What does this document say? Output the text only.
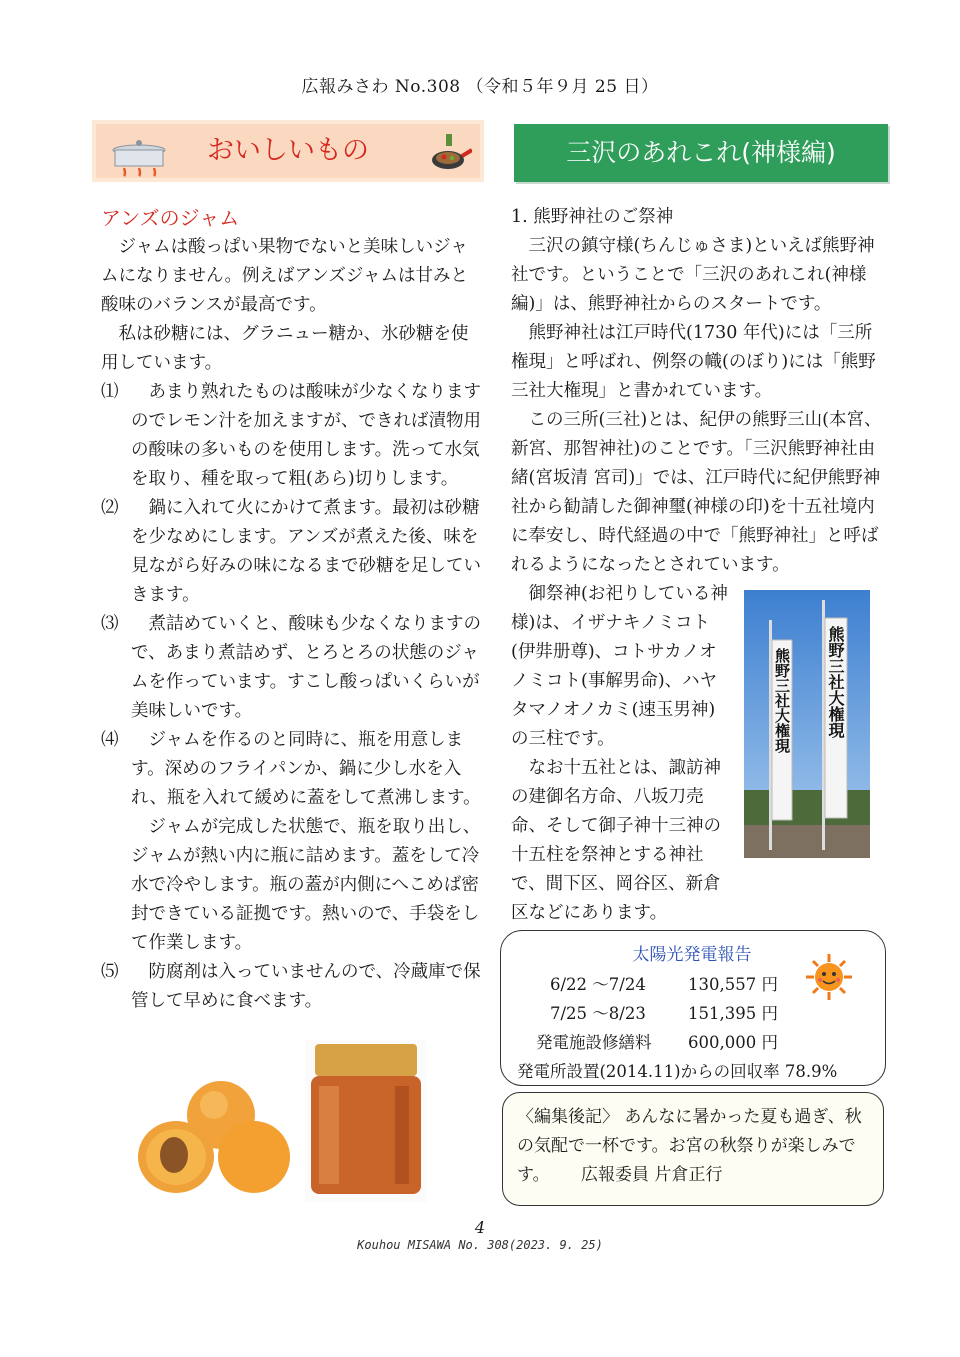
広報みさわ No.308 （令和５年９月 25 日）
おいしいもの	三沢のあれこれ(神様編)
アンズのジャム

ジャムは酸っぱい果物でないと美味しいジャムになりません。例えばアンズジャムは甘みと酸味のバランスが最高です。

私は砂糖には、グラニュー糖か、氷砂糖を使用しています。

⑴	あまり熟れたものは酸味が少なくなりますのでレモン汁を加えますが、できれば漬物用の酸味の多いものを使用します。洗って水気を取り、種を取って粗(あら)切りします。

⑵	鍋に入れて火にかけて煮ます。最初は砂糖を少なめにします。アンズが煮えた後、味を見ながら好みの味になるまで砂糖を足していきます。

⑶	煮詰めていくと、酸味も少なくなりますので、あまり煮詰めず、とろとろの状態のジャムを作っています。すこし酸っぱいくらいが美味しいです。

⑷	ジャムを作るのと同時に、瓶を用意します。深めのフライパンか、鍋に少し水を入れ、瓶を入れて緩めに蓋をして煮沸します。

ジャムが完成した状態で、瓶を取り出し、ジャムが熱い内に瓶に詰めます。蓋をして冷水で冷やします。瓶の蓋が内側にへこめば密封できている証拠です。熱いので、手袋をして作業します。

⑸	防腐剤は入っていませんので、冷蔵庫で保管して早めに食べます。

1. 熊野神社のご祭神

三沢の鎮守様(ちんじゅさま)といえば熊野神社です。ということで「三沢のあれこれ(神様編)」は、熊野神社からのスタートです。

熊野神社は江戸時代(1730 年代)には「三所権現」と呼ばれ、例祭の幟(のぼり)には「熊野三社大権現」と書かれています。

この三所(三社)とは、紀伊の熊野三山(本宮、新宮、那智神社)のことです。「三沢熊野神社由緒(宮坂清 宮司)」では、江戸時代に紀伊熊野神社から勧請した御神璽(神様の印)を十五社境内に奉安し、時代経過の中で「熊野神社」と呼ばれるようになったとされています。

御祭神(お祀りしている神様)は、イザナキノミコト(伊弉册尊)、コトサカノオノミコト(事解男命)、ハヤタマノオノカミ(速玉男神)の三柱です。

なお十五社とは、諏訪神の建御名方命、八坂刀売命、そして御子神十三神の十五柱を祭神とする神社で、間下区、岡谷区、新倉区などにあります。

熊野三社大権現 熊野三社大権現
太陽光発電報告
6/22 ～7/24	130,557 円
7/25 ～8/23	151,395 円
発電施設修繕料 600,000 円
発電所設置(2014.11)からの回収率 78.9%
〈編集後記〉 あんなに暑かった夏も過ぎ、秋の気配で一杯です。お宮の秋祭りが楽しみです。 広報委員 片倉正行
4
Kouhou MISAWA No. 308(2023. 9. 25)
